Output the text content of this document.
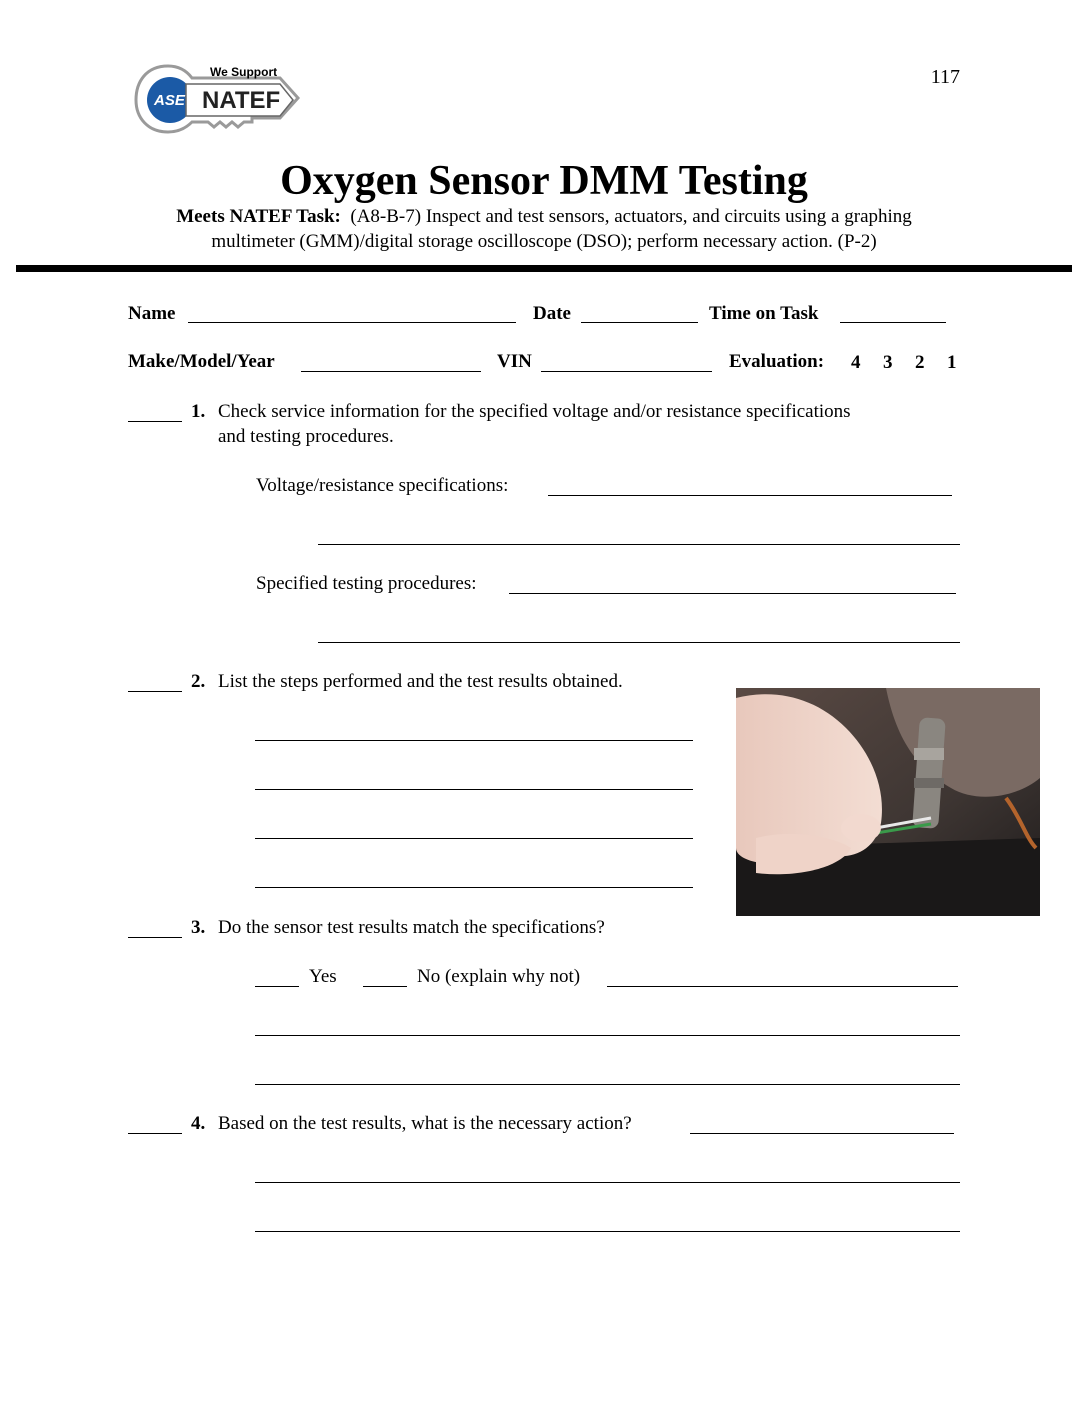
We Support
ASE NATEF
117
Oxygen Sensor DMM Testing
Meets NATEF Task: (A8-B-7) Inspect and test sensors, actuators, and circuits using a graphing
multimeter (GMM)/digital storage oscilloscope (DSO); perform necessary action. (P-2)
Name	Date	Time on Task
Make/Model/Year	VIN	Evaluation: 4 3 2 1
1. Check service information for the specified voltage and/or resistance specifications
and testing procedures.
Voltage/resistance specifications:
Specified testing procedures:
2. List the steps performed and the test results obtained.
3. Do the sensor test results match the specifications?
Yes	No (explain why not)
4. Based on the test results, what is the necessary action?
